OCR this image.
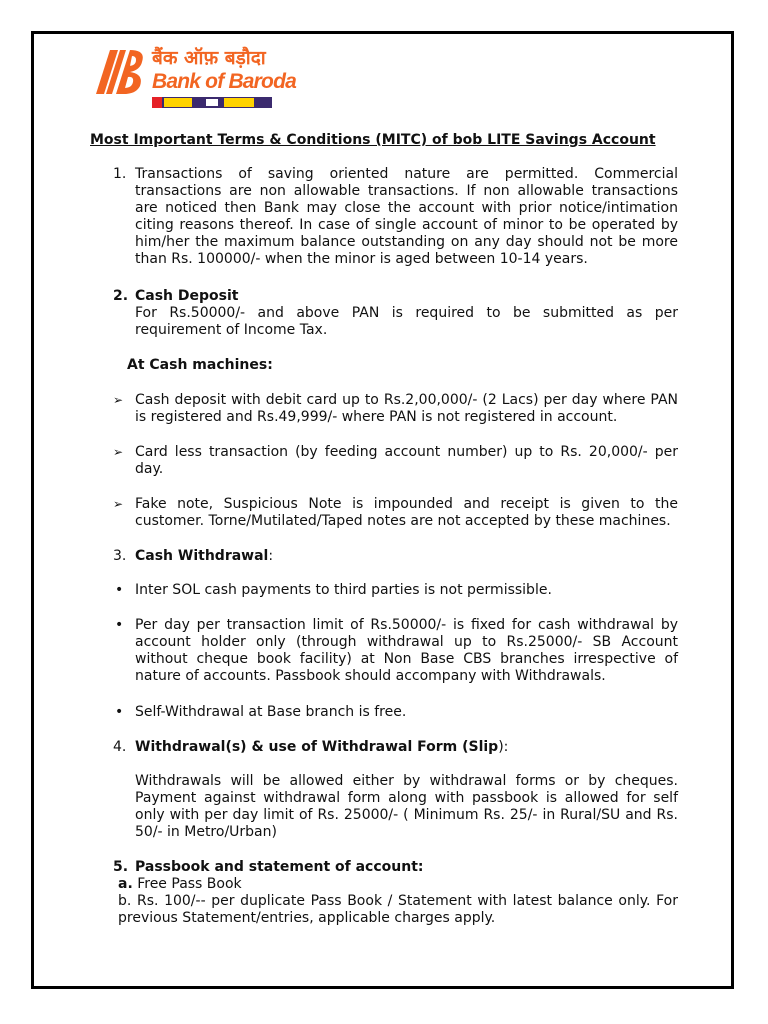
बैंक ऑफ़ बड़ौदा
Bank of Baroda
Most Important Terms & Conditions (MITC) of bob LITE Savings Account
1. Transactions of saving oriented nature are permitted. Commercial transactions are non allowable transactions. If non allowable transactions are noticed then Bank may close the account with prior notice/intimation citing reasons thereof. In case of single account of minor to be operated by him/her the maximum balance outstanding on any day should not be more than Rs. 100000/- when the minor is aged between 10-14 years.
2. Cash Deposit
For Rs.50000/- and above PAN is required to be submitted as per requirement of Income Tax.
At Cash machines:
➢ Cash deposit with debit card up to Rs.2,00,000/- (2 Lacs) per day where PAN is registered and Rs.49,999/- where PAN is not registered in account.
➢ Card less transaction (by feeding account number) up to Rs. 20,000/- per day.
➢ Fake note, Suspicious Note is impounded and receipt is given to the customer. Torne/Mutilated/Taped notes are not accepted by these machines.
3. Cash Withdrawal:
• Inter SOL cash payments to third parties is not permissible.
• Per day per transaction limit of Rs.50000/- is fixed for cash withdrawal by account holder only (through withdrawal up to Rs.25000/- SB Account without cheque book facility) at Non Base CBS branches irrespective of nature of accounts. Passbook should accompany with Withdrawals.
• Self-Withdrawal at Base branch is free.
4. Withdrawal(s) & use of Withdrawal Form (Slip):
Withdrawals will be allowed either by withdrawal forms or by cheques. Payment against withdrawal form along with passbook is allowed for self only with per day limit of Rs. 25000/- ( Minimum Rs. 25/- in Rural/SU and Rs. 50/- in Metro/Urban)
5. Passbook and statement of account:
a. Free Pass Book
b. Rs. 100/-- per duplicate Pass Book / Statement with latest balance only. For previous Statement/entries, applicable charges apply.
